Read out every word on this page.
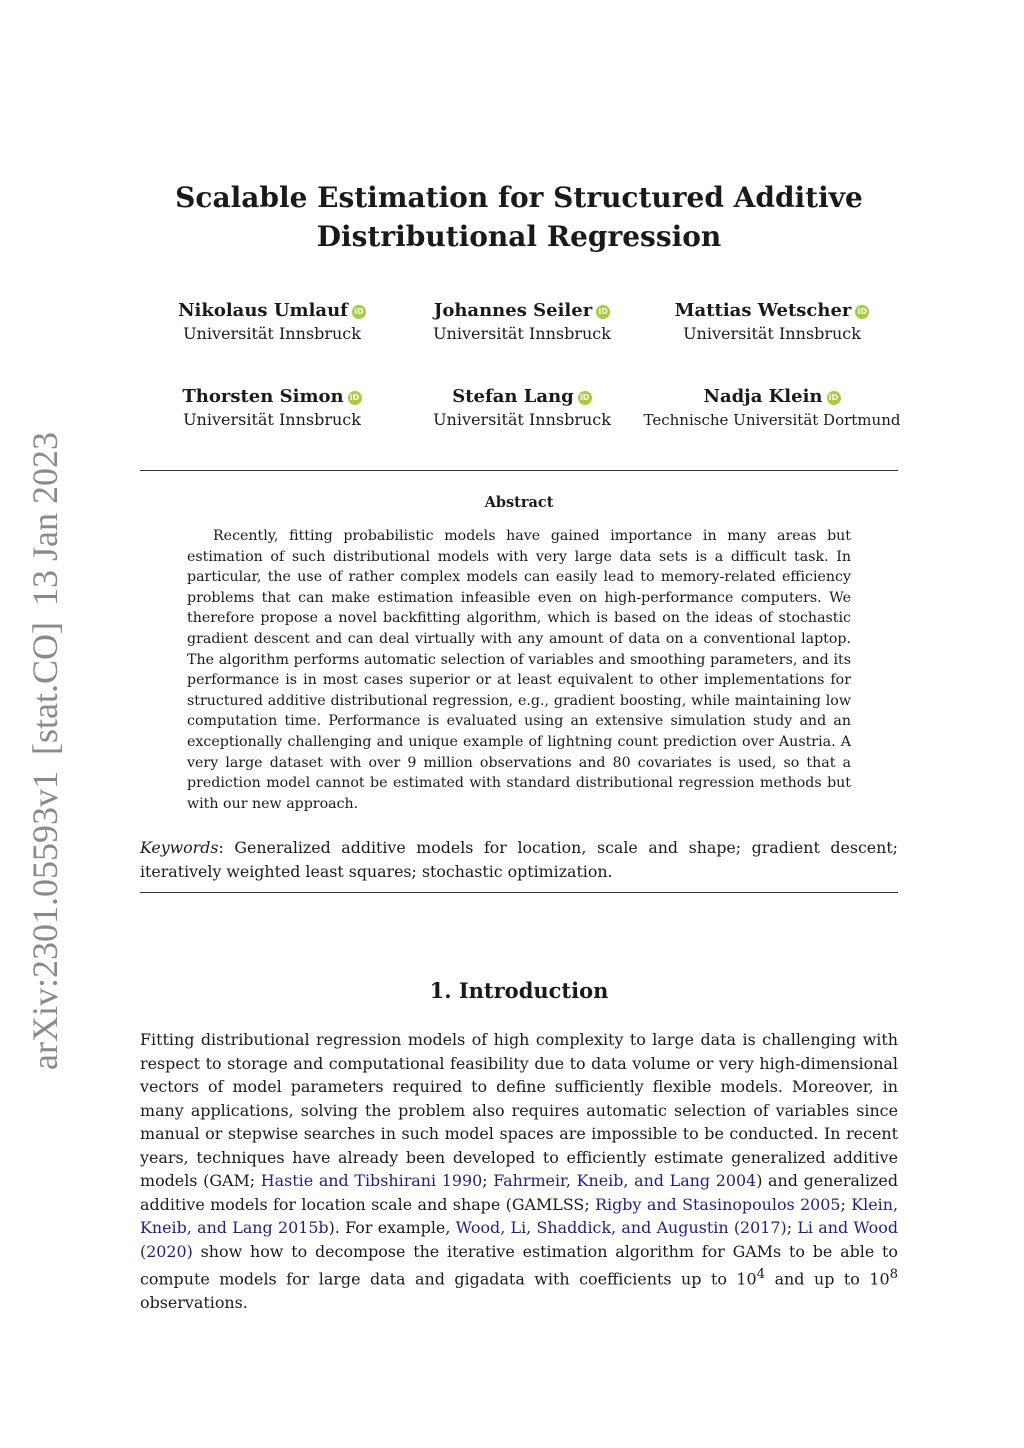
arXiv:2301.05593v1[stat.CO]13 Jan 2023
Scalable Estimation for Structured Additive
Distributional Regression
Nikolaus Umlauf iD
Universität Innsbruck
Johannes Seiler iD
Universität Innsbruck
Mattias Wetscher iD
Universität Innsbruck
Thorsten Simon iD
Universität Innsbruck
Stefan Lang iD
Universität Innsbruck
Nadja Klein iD
Technische Universität Dortmund
Abstract
Recently, fitting probabilistic models have gained importance in many areas but estimation of such distributional models with very large data sets is a difficult task. In particular, the use of rather complex models can easily lead to memory-related efficiency problems that can make estimation infeasible even on high-performance computers. We therefore propose a novel backfitting algorithm, which is based on the ideas of stochastic gradient descent and can deal virtually with any amount of data on a conventional laptop. The algorithm performs automatic selection of variables and smoothing parameters, and its performance is in most cases superior or at least equivalent to other implementations for structured additive distributional regression, e.g., gradient boosting, while maintaining low computation time. Performance is evaluated using an extensive simulation study and an exceptionally challenging and unique example of lightning count prediction over Austria. A very large dataset with over 9 million observations and 80 covariates is used, so that a prediction model cannot be estimated with standard distributional regression methods but with our new approach.
Keywords: Generalized additive models for location, scale and shape; gradient descent; iteratively weighted least squares; stochastic optimization.
1. Introduction
Fitting distributional regression models of high complexity to large data is challenging with respect to storage and computational feasibility due to data volume or very high-dimensional vectors of model parameters required to define sufficiently flexible models. Moreover, in many applications, solving the problem also requires automatic selection of variables since manual or stepwise searches in such model spaces are impossible to be conducted. In recent years, techniques have already been developed to efficiently estimate generalized additive models (GAM; Hastie and Tibshirani 1990; Fahrmeir, Kneib, and Lang 2004) and generalized additive models for location scale and shape (GAMLSS; Rigby and Stasinopoulos 2005; Klein, Kneib, and Lang 2015b). For example, Wood, Li, Shaddick, and Augustin (2017); Li and Wood (2020) show how to decompose the iterative estimation algorithm for GAMs to be able to compute models for large data and gigadata with coefficients up to $10^4$ and up to $10^8$ observations.
